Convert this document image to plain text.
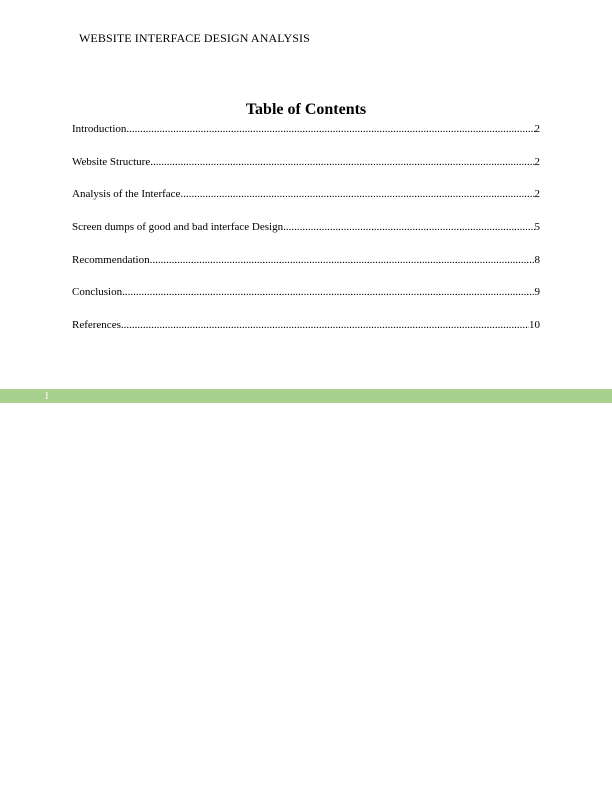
WEBSITE INTERFACE DESIGN ANALYSIS
Table of Contents
Introduction .....	2
Website Structure .....	2
Analysis of the Interface .....	2
Screen dumps of good and bad interface Design .....	5
Recommendation .....	8
Conclusion .....	9
References .....	10
1
